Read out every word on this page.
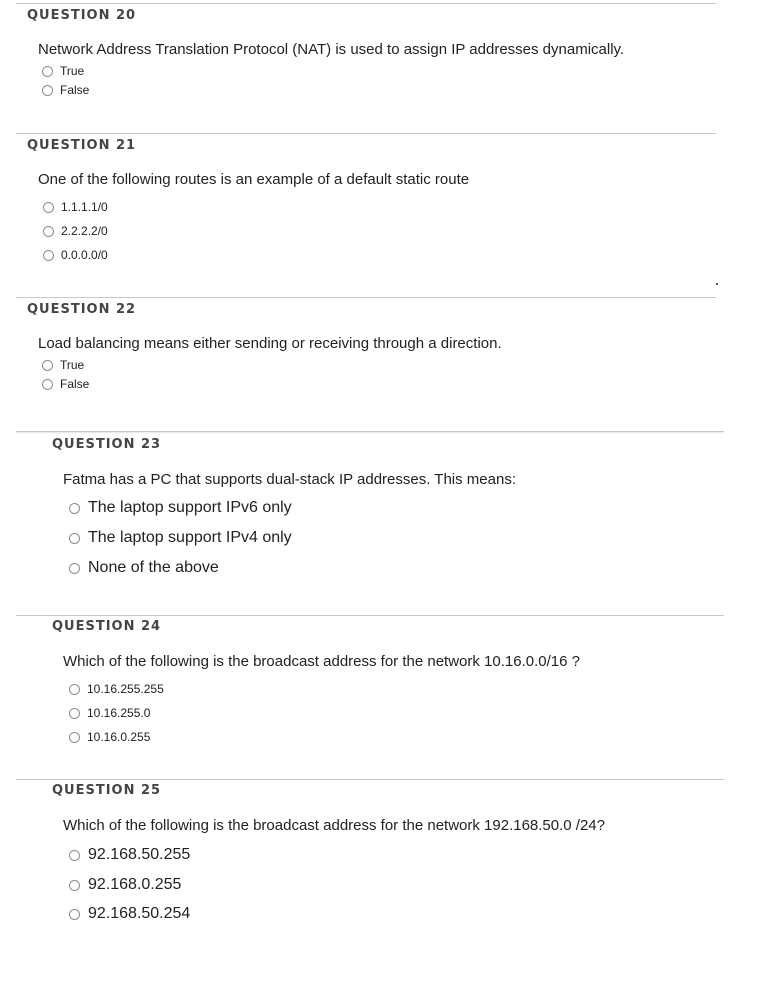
QUESTION 20
Network Address Translation Protocol (NAT) is used to assign IP addresses dynamically.
True
False
QUESTION 21
One of the following routes is an example of a default static route
1.1.1.1/0
2.2.2.2/0
0.0.0.0/0
QUESTION 22
Load balancing means either sending or receiving through a direction.
True
False
QUESTION 23
Fatma has a PC that supports dual-stack IP addresses. This means:
The laptop support IPv6 only
The laptop support IPv4 only
None of the above
QUESTION 24
Which of the following is the broadcast address for the network 10.16.0.0/16 ?
10.16.255.255
10.16.255.0
10.16.0.255
QUESTION 25
Which of the following is the broadcast address for the network 192.168.50.0 /24?
92.168.50.255
92.168.0.255
92.168.50.254
